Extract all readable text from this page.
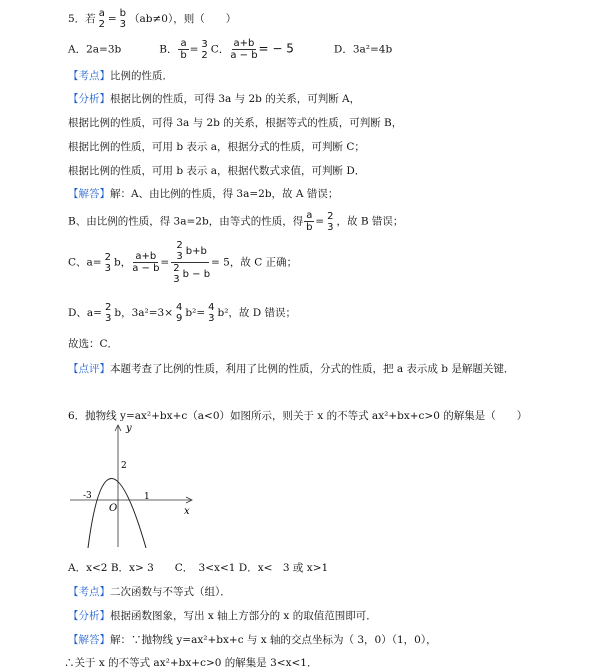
5．若 a
2 = b
3 （ab≠0），则（　　）
A．2a=3b	B． $\frac{a}{b} = 3$
2 C． $\frac{a+b}{a - b}$ = − 5	D．3a²=4b
【考点】比例的性质．
【分析】根据比例的性质，可得 3a 与 2b 的关系，可判断 A，
根据比例的性质，可得 3a 与 2b 的关系，根据等式的性质，可判断 B，
根据比例的性质，可用 b 表示 a，根据分式的性质，可判断 C；
根据比例的性质，可用 b 表示 a，根据代数式求值，可判断 D．
【解答】解：A、由比例的性质，得 3a=2b，故 A 错误；
B、由比例的性质，得 3a=2b，由等式的性质，得 $\frac{a}{b} = 2$
3 ，故 B 错误；
C、a= 2
3 b， $\frac{a+b}{a - b} = 2$
3 b+b
2
3 b − b = 5，故 C 正确；
D、a= 2
3 b，3a²=3× 4
9 b²= 4
3 b²，故 D 错误；
故选：C．
【点评】本题考查了比例的性质，利用了比例的性质，分式的性质，把 a 表示成 b 是解题关键．
6．抛物线 y=ax²+bx+c（a<0）如图所示，则关于 x 的不等式 ax²+bx+c>0 的解集是（　　）
y
x
O
-3	1
2
A．x<2 B．x> 3　　C．　3<x<1 D．x<　3 或 x>1
【考点】二次函数与不等式（组）．
【分析】根据函数图象，写出 x 轴上方部分的 x 的取值范围即可．
【解答】解：∵抛物线 y=ax²+bx+c 与 x 轴的交点坐标为（ 3，0）（1，0），
∴关于 x 的不等式 ax²+bx+c>0 的解集是 3<x<1．
